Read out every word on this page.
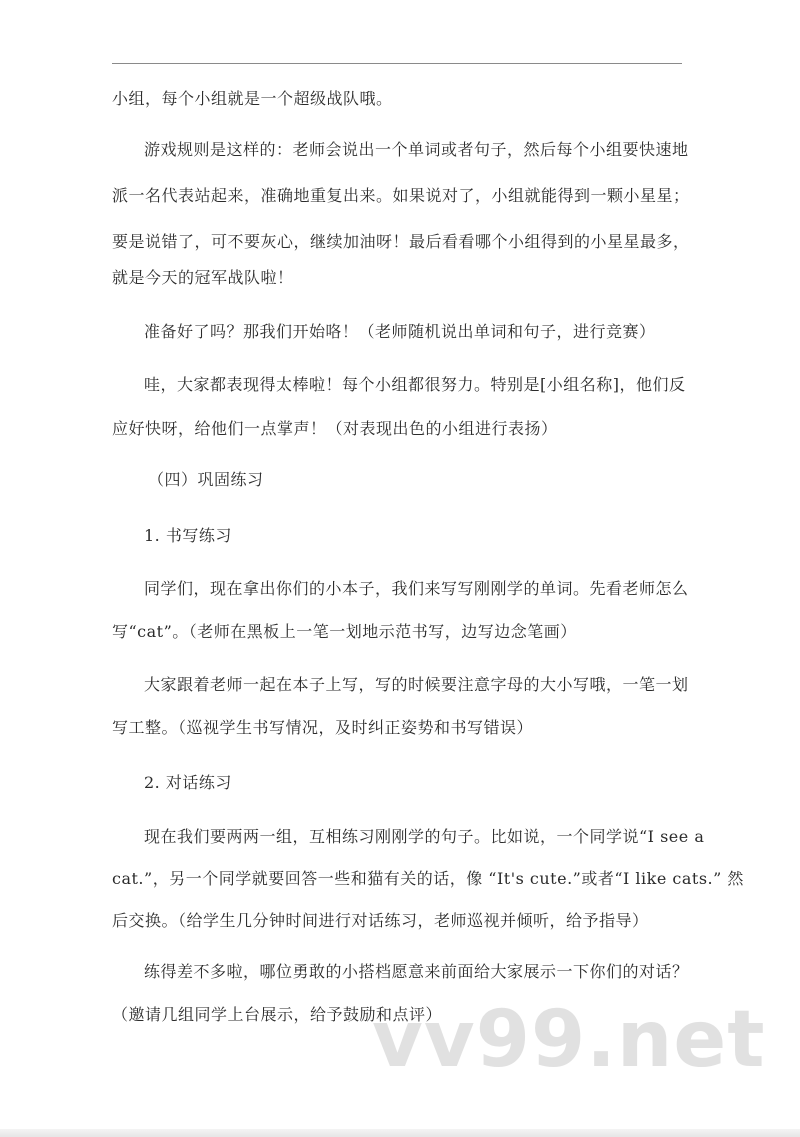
小组，每个小组就是一个超级战队哦。
游戏规则是这样的：老师会说出一个单词或者句子，然后每个小组要快速地
派一名代表站起来，准确地重复出来。如果说对了，小组就能得到一颗小星星；
要是说错了，可不要灰心，继续加油呀！最后看看哪个小组得到的小星星最多，
就是今天的冠军战队啦！
准备好了吗？那我们开始咯！（老师随机说出单词和句子，进行竞赛）
哇，大家都表现得太棒啦！每个小组都很努力。特别是[小组名称]，他们反
应好快呀，给他们一点掌声！（对表现出色的小组进行表扬）
（四）巩固练习
1. 书写练习
同学们，现在拿出你们的小本子，我们来写写刚刚学的单词。先看老师怎么
写“cat”。（老师在黑板上一笔一划地示范书写，边写边念笔画）
大家跟着老师一起在本子上写，写的时候要注意字母的大小写哦，一笔一划
写工整。（巡视学生书写情况，及时纠正姿势和书写错误）
2. 对话练习
现在我们要两两一组，互相练习刚刚学的句子。比如说，一个同学说“I see a
cat.”，另一个同学就要回答一些和猫有关的话，像 “It's cute.”或者“I like cats.” 然
后交换。（给学生几分钟时间进行对话练习，老师巡视并倾听，给予指导）
练得差不多啦，哪位勇敢的小搭档愿意来前面给大家展示一下你们的对话？
（邀请几组同学上台展示，给予鼓励和点评）
vv99.net
